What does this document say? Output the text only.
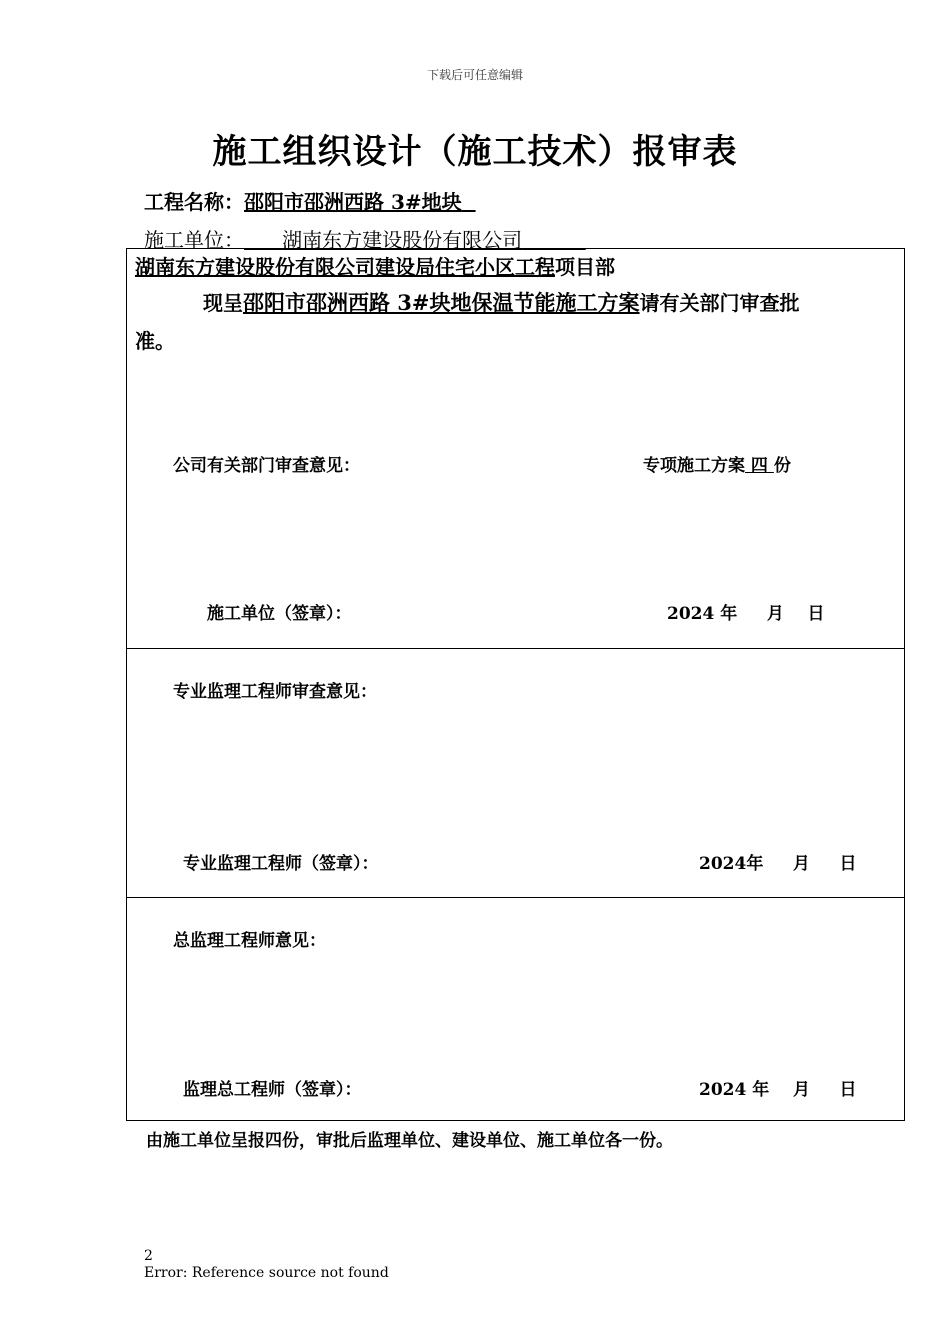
下载后可任意编辑
施工组织设计（施工技术）报审表
工程名称：邵阳市邵洲西路 3#地块
施工单位： 湖南东方建设股份有限公司
湖南东方建设股份有限公司建设局住宅小区工程项目部
现呈邵阳市邵洲西路 3#块地保温节能施工方案请有关部门审查批
准。
公司有关部门审查意见：	专项施工方案 四 份
施工单位（签章）：	2024 年 月 日
专业监理工程师审查意见：
专业监理工程师（签章）：	2024年 月 日
总监理工程师意见：
监理总工程师（签章）：	2024 年 月 日
由施工单位呈报四份，审批后监理单位、建设单位、施工单位各一份。
2
Error: Reference source not found
